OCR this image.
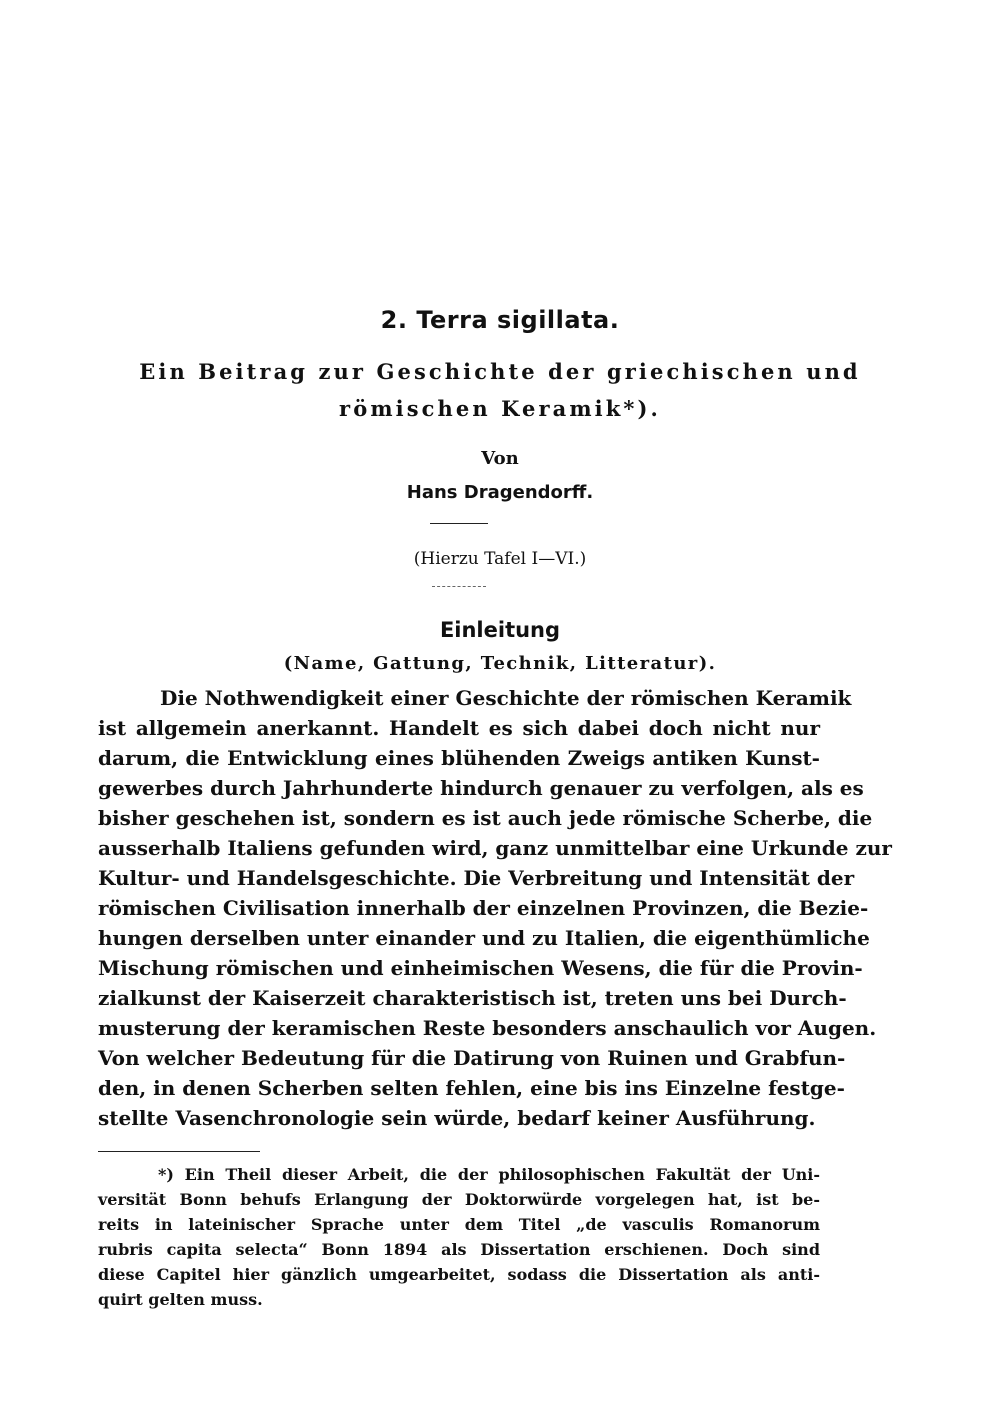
2. Terra sigillata.
Ein Beitrag zur Geschichte der griechischen und
römischen Keramik*).
Von
Hans Dragendorff.
(Hierzu Tafel I—VI.)
Einleitung
(Name, Gattung, Technik, Litteratur).
Die Nothwendigkeit einer Geschichte der römischen Keramik
ist allgemein anerkannt. Handelt es sich dabei doch nicht nur
darum, die Entwicklung eines blühenden Zweigs antiken Kunst-
gewerbes durch Jahrhunderte hindurch genauer zu verfolgen, als es
bisher geschehen ist, sondern es ist auch jede römische Scherbe, die
ausserhalb Italiens gefunden wird, ganz unmittelbar eine Urkunde zur
Kultur- und Handelsgeschichte. Die Verbreitung und Intensität der
römischen Civilisation innerhalb der einzelnen Provinzen, die Bezie-
hungen derselben unter einander und zu Italien, die eigenthümliche
Mischung römischen und einheimischen Wesens, die für die Provin-
zialkunst der Kaiserzeit charakteristisch ist, treten uns bei Durch-
musterung der keramischen Reste besonders anschaulich vor Augen.
Von welcher Bedeutung für die Datirung von Ruinen und Grabfun-
den, in denen Scherben selten fehlen, eine bis ins Einzelne festge-
stellte Vasenchronologie sein würde, bedarf keiner Ausführung.
*) Ein Theil dieser Arbeit, die der philosophischen Fakultät der Uni-
versität Bonn behufs Erlangung der Doktorwürde vorgelegen hat, ist be-
reits in lateinischer Sprache unter dem Titel „de vasculis Romanorum
rubris capita selecta“ Bonn 1894 als Dissertation erschienen. Doch sind
diese Capitel hier gänzlich umgearbeitet, sodass die Dissertation als anti-
quirt gelten muss.
